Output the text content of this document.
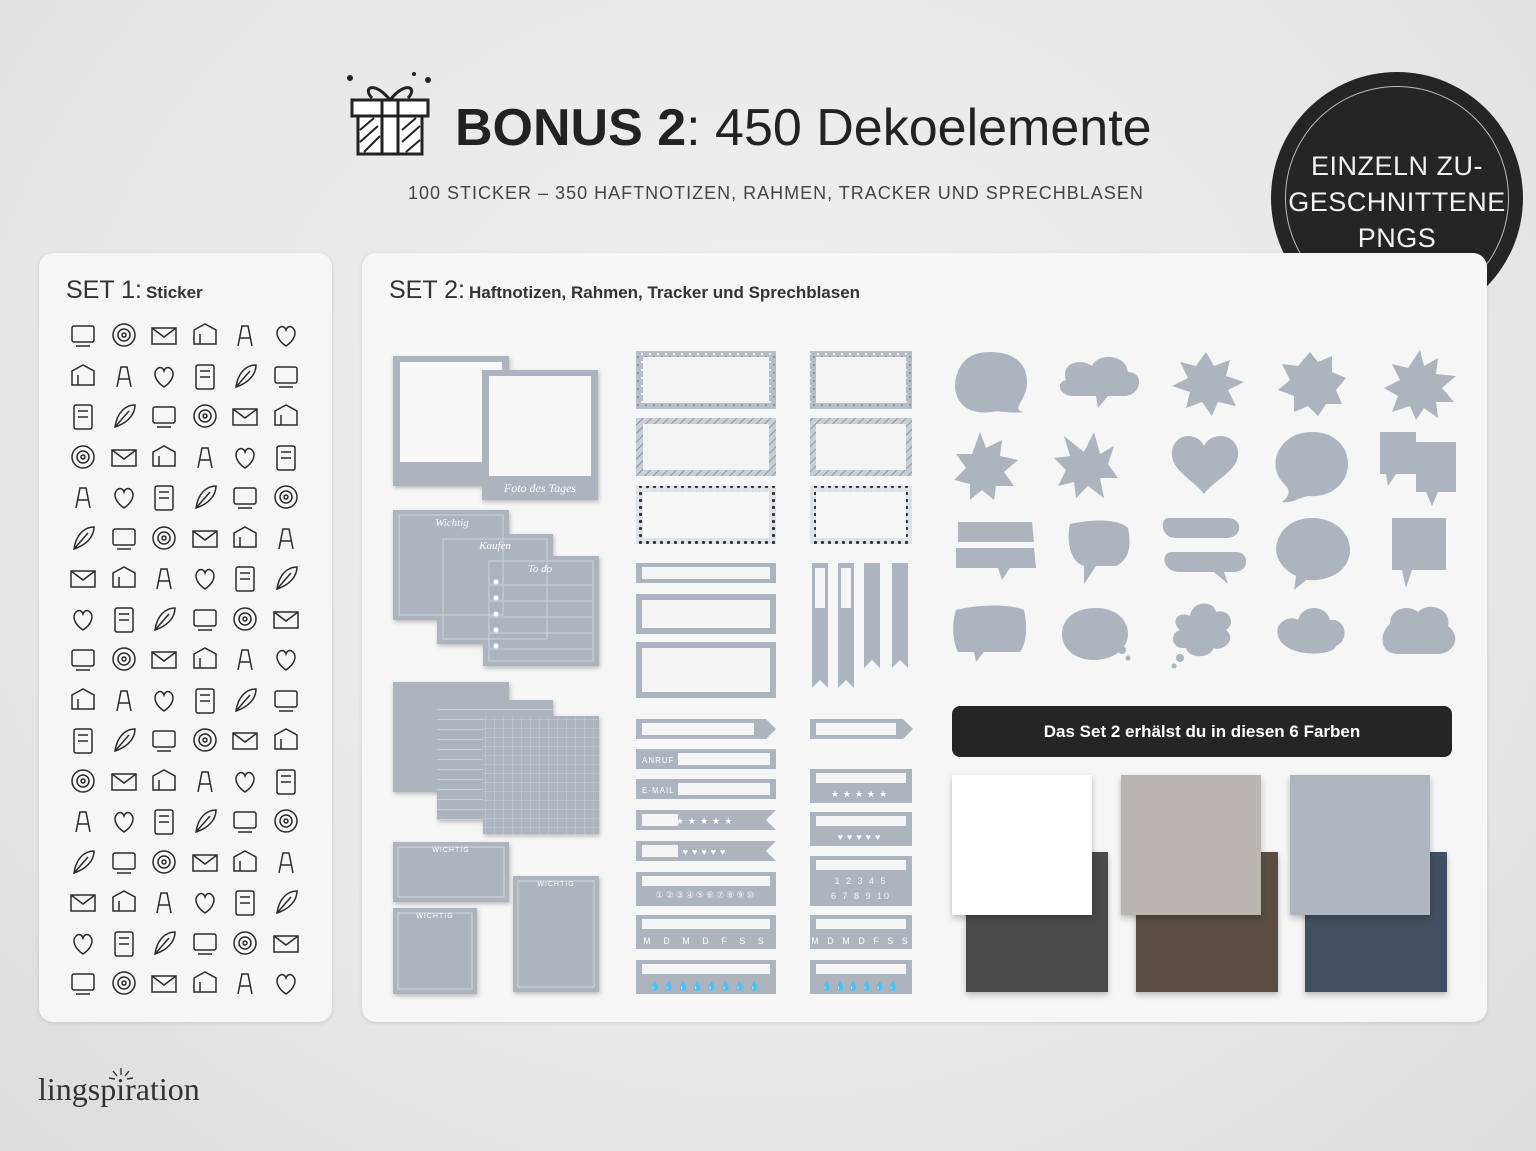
BONUS 2: 450 Dekoelemente
100 STICKER – 350 HAFTNOTIZEN, RAHMEN, TRACKER UND SPRECHBLASEN
EINZELN ZU-
GESCHNITTENE
PNGS
SET 1: Sticker	SET 2: Haftnotizen, Rahmen, Tracker und Sprechblasen
Foto des Tages
Wichtig
Kaufen
To do
WICHTIG
WICHTIG
WICHTIG
ANRUF
E-MAIL
★★★★★
♥♥♥♥♥
①②③④⑤⑥⑦⑧⑨⑩
M D M D F S S
💧💧💧💧💧💧💧💧
★★★★★
♥♥♥♥♥
1 2 3 4 5
6 7 8 9 10
M D M D F S S
💧💧💧💧💧💧
Das Set 2 erhälst du in diesen 6 Farben
lingspiration
